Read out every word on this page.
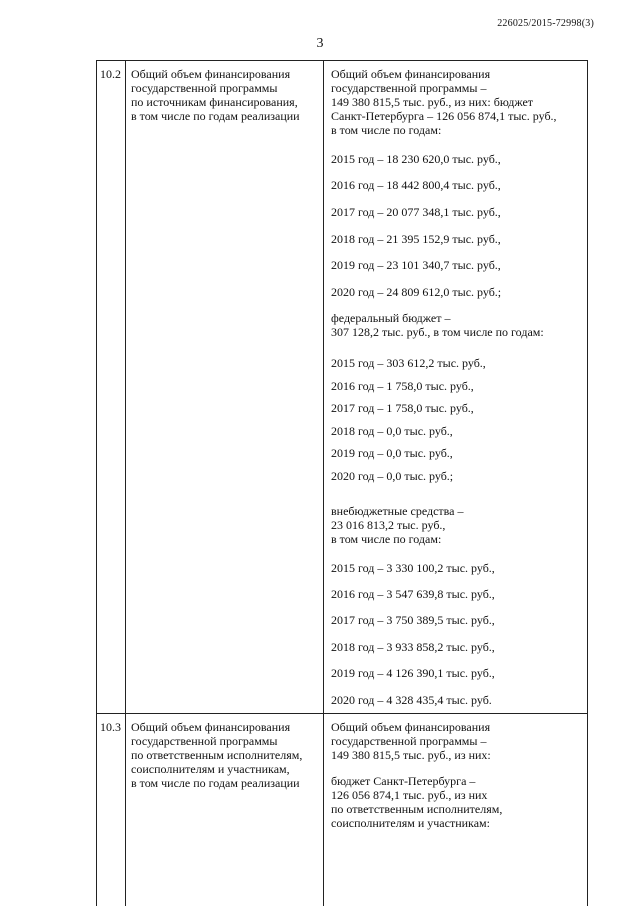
226025/2015-72998(3)
3
10.2 Общий объем финансирования
государственной программы
по источникам финансирования,
в том числе по годам реализации
Общий объем финансирования
государственной программы –
149 380 815,5 тыс. руб., из них: бюджет
Санкт-Петербурга – 126 056 874,1 тыс. руб.,
в том числе по годам:
2015 год – 18 230 620,0 тыс. руб.,
2016 год – 18 442 800,4 тыс. руб.,
2017 год – 20 077 348,1 тыс. руб.,
2018 год – 21 395 152,9 тыс. руб.,
2019 год – 23 101 340,7 тыс. руб.,
2020 год – 24 809 612,0 тыс. руб.;
федеральный бюджет –
307 128,2 тыс. руб., в том числе по годам:
2015 год – 303 612,2 тыс. руб.,
2016 год – 1 758,0 тыс. руб.,
2017 год – 1 758,0 тыс. руб.,
2018 год – 0,0 тыс. руб.,
2019 год – 0,0 тыс. руб.,
2020 год – 0,0 тыс. руб.;
внебюджетные средства –
23 016 813,2 тыс. руб.,
в том числе по годам:
2015 год – 3 330 100,2 тыс. руб.,
2016 год – 3 547 639,8 тыс. руб.,
2017 год – 3 750 389,5 тыс. руб.,
2018 год – 3 933 858,2 тыс. руб.,
2019 год – 4 126 390,1 тыс. руб.,
2020 год – 4 328 435,4 тыс. руб.
10.3 Общий объем финансирования
государственной программы
по ответственным исполнителям,
соисполнителям и участникам,
в том числе по годам реализации
Общий объем финансирования
государственной программы –
149 380 815,5 тыс. руб., из них:
бюджет Санкт-Петербурга –
126 056 874,1 тыс. руб., из них
по ответственным исполнителям,
соисполнителям и участникам:
